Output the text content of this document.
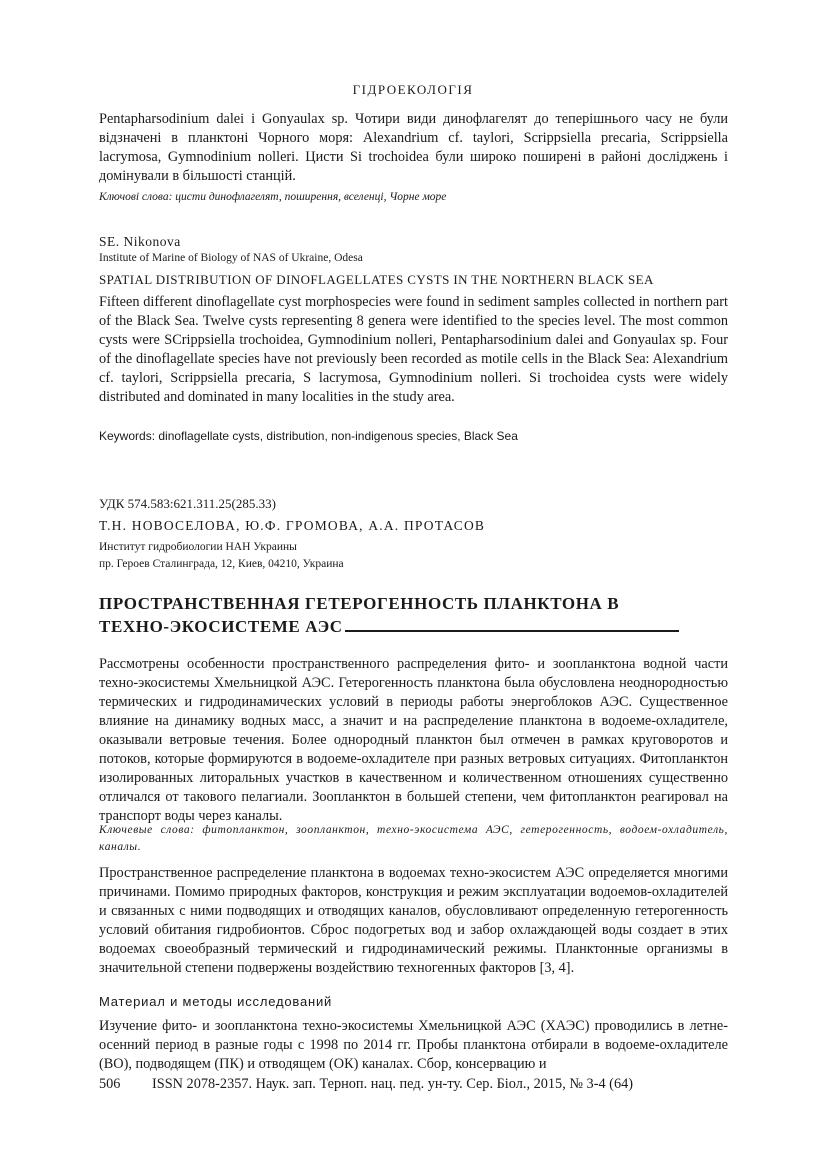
ГІДРОЕКОЛОГІЯ
Pentapharsodinium dalei і Gonyaulax sp. Чотири види динофлагелят до теперішнього часу не були відзначені в планктоні Чорного моря: Alexandrium cf. taylori, Scrippsiella precaria, Scrippsiella lacrymosa, Gymnodinium nolleri. Цисти Si trochoidea були широко поширені в районі досліджень і домінували в більшості станцій.
Ключові слова: цисти динофлагелят, поширення, вселенці, Чорне море
SE. Nikonova
Institute of Marine of Biology of NAS of Ukraine, Odesa
SPATIAL DISTRIBUTION OF DINOFLAGELLATES CYSTS IN THE NORTHERN BLACK SEA
Fifteen different dinoflagellate cyst morphospecies were found in sediment samples collected in northern part of the Black Sea. Twelve cysts representing 8 genera were identified to the species level. The most common cysts were SCrippsiella trochoidea, Gymnodinium nolleri, Pentapharsodinium dalei and Gonyaulax sp. Four of the dinoflagellate species have not previously been recorded as motile cells in the Black Sea: Alexandrium cf. taylori, Scrippsiella precaria, S lacrymosa, Gymnodinium nolleri. Si trochoidea cysts were widely distributed and dominated in many localities in the study area.
Keywords: dinoflagellate cysts, distribution, non-indigenous species, Black Sea
УДК 574.583:621.311.25(285.33)
Т.Н. НОВОСЕЛОВА, Ю.Ф. ГРОМОВА, А.А. ПРОТАСОВ
Институт гидробиологии НАН Украины
пр. Героев Сталинграда, 12, Киев, 04210, Украина
ПРОСТРАНСТВЕННАЯ ГЕТЕРОГЕННОСТЬ ПЛАНКТОНА В
ТЕХНО-ЭКОСИСТЕМЕ АЭС
Рассмотрены особенности пространственного распределения фито- и зоопланктона водной части техно-экосистемы Хмельницкой АЭС. Гетерогенность планктона была обусловлена неоднородностью термических и гидродинамических условий в периоды работы энергоблоков АЭС. Существенное влияние на динамику водных масс, а значит и на распределение планктона в водоеме-охладителе, оказывали ветровые течения. Более однородный планктон был отмечен в рамках круговоротов и потоков, которые формируются в водоеме-охладителе при разных ветровых ситуациях. Фитопланктон изолированных литоральных участков в качественном и количественном отношениях существенно отличался от такового пелагиали. Зоопланктон в большей степени, чем фитопланктон реагировал на транспорт воды через каналы.
Ключевые слова: фитопланктон, зоопланктон, техно-экосистема АЭС, гетерогенность, водоем-охладитель, каналы.
Пространственное распределение планктона в водоемах техно-экосистем АЭС определяется многими причинами. Помимо природных факторов, конструкция и режим эксплуатации водоемов-охладителей и связанных с ними подводящих и отводящих каналов, обусловливают определенную гетерогенность условий обитания гидробионтов. Сброс подогретых вод и забор охлаждающей воды создает в этих водоемах своеобразный термический и гидродинамический режимы. Планктонные организмы в значительной степени подвержены воздействию техногенных факторов [3, 4].
Материал и методы исследований
Изучение фито- и зоопланктона техно-экосистемы Хмельницкой АЭС (ХАЭС) проводились в летне-осенний период в разные годы с 1998 по 2014 гг. Пробы планктона отбирали в водоеме-охладителе (ВО), подводящем (ПК) и отводящем (ОК) каналах. Сбор, консервацию и
506 ISSN 2078-2357. Наук. зап. Терноп. нац. пед. ун-ту. Сер. Біол., 2015, № 3-4 (64)
